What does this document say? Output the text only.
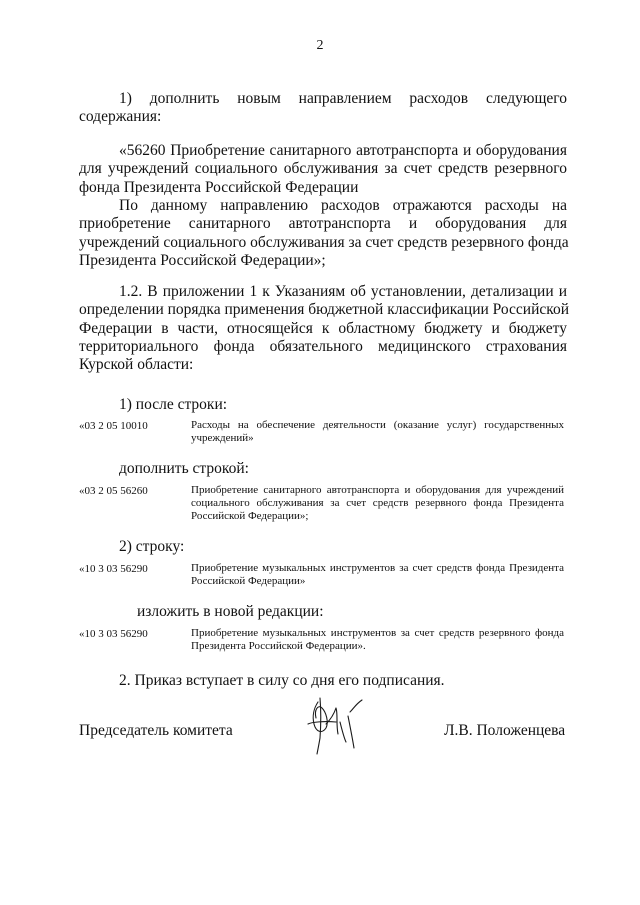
2
1) дополнить новым направлением расходов следующего
содержания:
«56260 Приобретение санитарного автотранспорта и оборудования
для учреждений социального обслуживания за счет средств резервного
фонда Президента Российской Федерации
По данному направлению расходов отражаются расходы на
приобретение санитарного автотранспорта и оборудования для
учреждений социального обслуживания за счет средств резервного фонда
Президента Российской Федерации»;
1.2. В приложении 1 к Указаниям об установлении, детализации и
определении порядка применения бюджетной классификации Российской
Федерации в части, относящейся к областному бюджету и бюджету
территориального фонда обязательного медицинского страхования
Курской области:
1) после строки:
«03 2 05 10010	Расходы на обеспечение деятельности (оказание услуг) государственных
учреждений»
дополнить строкой:
«03 2 05 56260	Приобретение санитарного автотранспорта и оборудования для учреждений
социального обслуживания за счет средств резервного фонда Президента
Российской Федерации»;
2) строку:
«10 3 03 56290	Приобретение музыкальных инструментов за счет средств фонда Президента
Российской Федерации»
изложить в новой редакции:
«10 3 03 56290	Приобретение музыкальных инструментов за счет средств резервного фонда
Президента Российской Федерации».
2. Приказ вступает в силу со дня его подписания.
Председатель комитета	Л.В. Положенцева
